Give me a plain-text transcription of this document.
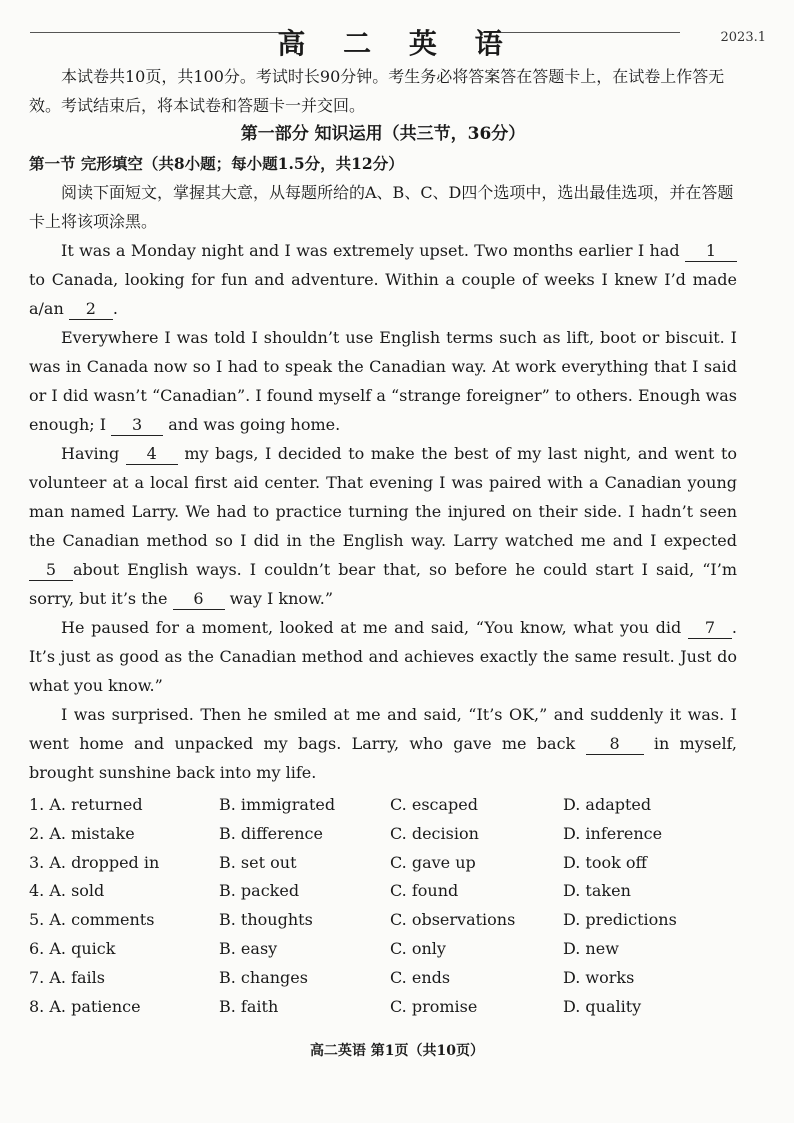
高 二 英 语	2023.1

本试卷共10页，共100分。考试时长90分钟。考生务必将答案答在答题卡上，在试卷上作答无效。考试结束后，将本试卷和答题卡一并交回。

第一部分 知识运用（共三节，36分）

第一节 完形填空（共8小题；每小题1.5分，共12分）

阅读下面短文，掌握其大意，从每题所给的A、B、C、D四个选项中，选出最佳选项，并在答题卡上将该项涂黑。

It was a Monday night and I was extremely upset. Two months earlier I had 1 to Canada, looking for fun and adventure. Within a couple of weeks I knew I’d made a/an 2 .

Everywhere I was told I shouldn’t use English terms such as lift, boot or biscuit. I was in Canada now so I had to speak the Canadian way. At work everything that I said or I did wasn’t “Canadian”. I found myself a “strange foreigner” to others. Enough was enough; I 3 and was going home.

Having 4 my bags, I decided to make the best of my last night, and went to volunteer at a local first aid center. That evening I was paired with a Canadian young man named Larry. We had to practice turning the injured on their side. I hadn’t seen the Canadian method so I did in the English way. Larry watched me and I expected 5 about English ways. I couldn’t bear that, so before he could start I said, “I’m sorry, but it’s the 6 way I know.”

He paused for a moment, looked at me and said, “You know, what you did 7 . It’s just as good as the Canadian method and achieves exactly the same result. Just do what you know.”

I was surprised. Then he smiled at me and said, “It’s OK,” and suddenly it was. I went home and unpacked my bags. Larry, who gave me back 8 in myself, brought sunshine back into my life.

1. A. returned	B. immigrated	C. escaped	D. adapted
2. A. mistake	B. difference	C. decision	D. inference
3. A. dropped in	B. set out	C. gave up	D. took off
4. A. sold	B. packed	C. found	D. taken
5. A. comments	B. thoughts	C. observations	D. predictions
6. A. quick	B. easy	C. only	D. new
7. A. fails	B. changes	C. ends	D. works
8. A. patience	B. faith	C. promise	D. quality
高二英语 第1页（共10页）
